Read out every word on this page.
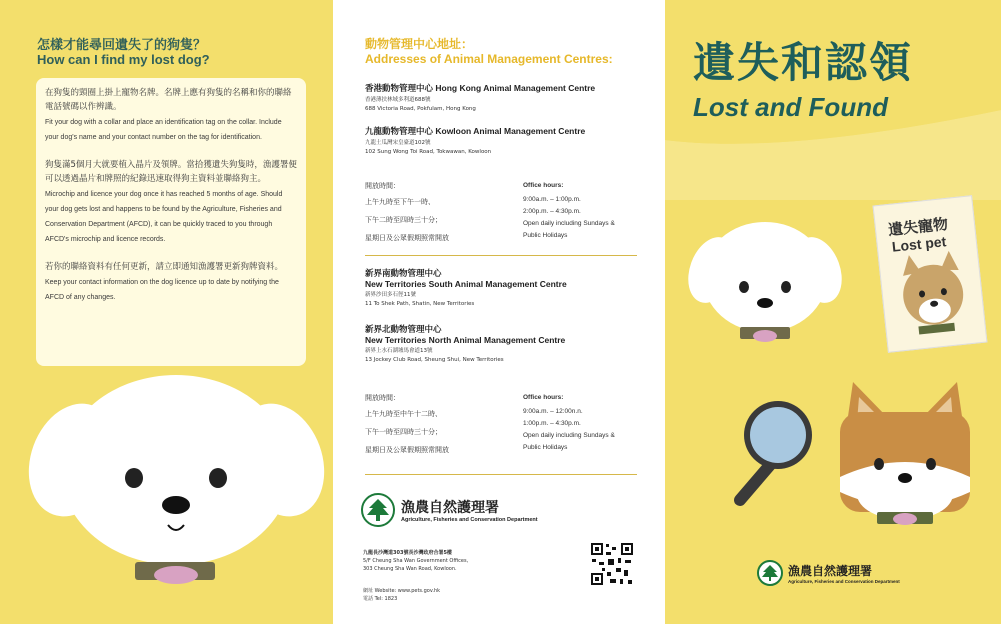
怎樣才能尋回遺失了的狗隻？
How can I find my lost dog?

在狗隻的頸圈上掛上寵物名牌。名牌上應有狗隻的名稱和你的聯絡電話號碼以作辨識。

Fit your dog with a collar and place an identification tag on the collar. Include your dog's name and your contact number on the tag for identification.

狗隻滿5個月大就要植入晶片及領牌。當拾獲遺失狗隻時，漁護署便可以透過晶片和牌照的紀錄迅速取得狗主資料並聯絡狗主。

Microchip and licence your dog once it has reached 5 months of age. Should your dog gets lost and happens to be found by the Agriculture, Fisheries and Conservation Department (AFCD), it can be quickly traced to you through AFCD's microchip and licence records.

若你的聯絡資料有任何更新，請立即通知漁護署更新狗牌資料。

Keep your contact information on the dog licence up to date by notifying the AFCD of any changes.

動物管理中心地址：
Addresses of Animal Management Centres:
香港動物管理中心 Hong Kong Animal Management Centre
香港薄扶林域多利道688號
688 Victoria Road, Pokfulam, Hong Kong
九龍動物管理中心 Kowloon Animal Management Centre
九龍土瓜灣宋皇臺道102號
102 Sung Wong Toi Road, Tokwawan, Kowloon
開放時間：
上午九時至下午一時、
下午二時至四時三十分；
星期日及公眾假期照常開放
Office hours:
9:00a.m. – 1:00p.m.
2:00p.m. – 4:30p.m.
Open daily including Sundays &
Public Holidays
新界南動物管理中心
New Territories South Animal Management Centre
新界沙田多石徑11號
11 To Shek Path, Shatin, New Territories
新界北動物管理中心
New Territories North Animal Management Centre
新界上水石湖墟馬會道13號
13 Jockey Club Road, Sheung Shui, New Territories
開放時間：
上午九時至中午十二時、
下午一時至四時三十分；
星期日及公眾假期照常開放
Office hours:
9:00a.m. – 12:00n.n.
1:00p.m. – 4:30p.m.
Open daily including Sundays &
Public Holidays
漁農自然護理署
Agriculture, Fisheries and Conservation Department
九龍長沙灣道303號長沙灣政府合署5樓
5/F Cheung Sha Wan Government Offices,
303 Cheung Sha Wan Road, Kowloon.
網址 Website: www.pets.gov.hk
電話 Tel: 1823
遺失和認領
Lost and Found
遺失寵物
Lost pet
漁農自然護理署
Agriculture, Fisheries and Conservation Department
